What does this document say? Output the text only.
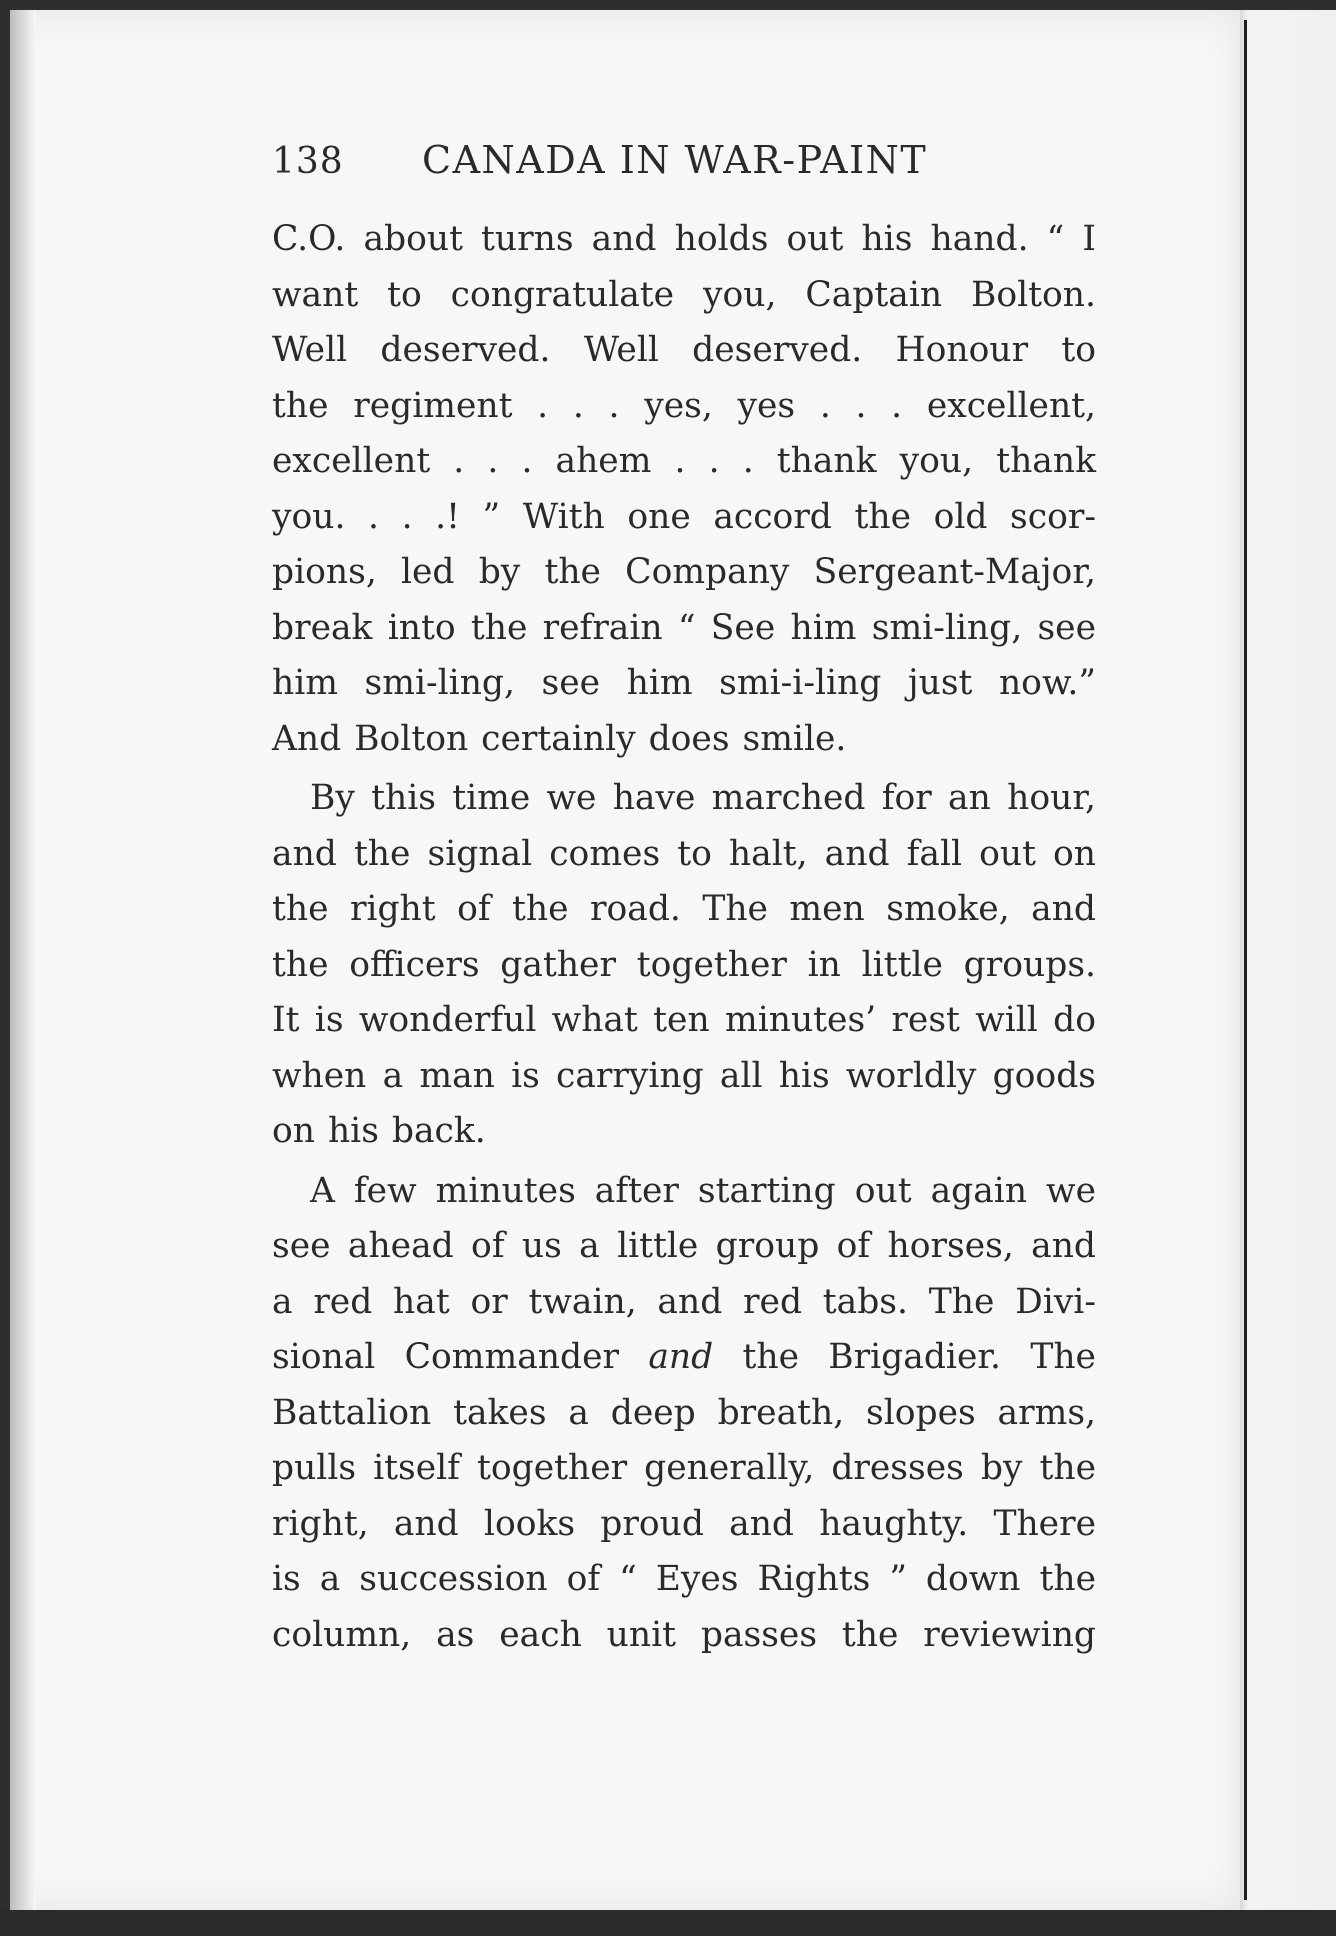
138	CANADA IN WAR-PAINT

C.O. about turns and holds out his hand. “ I
want to congratulate you, Captain Bolton.
Well deserved. Well deserved. Honour to
the regiment . . . yes, yes . . . excellent,
excellent . . . ahem . . . thank you, thank
you. . . .! ” With one accord the old scor-
pions, led by the Company Sergeant-Major,
break into the refrain “ See him smi-ling, see
him smi-ling, see him smi-i-ling just now.”
And Bolton certainly does smile.

By this time we have marched for an hour,
and the signal comes to halt, and fall out on
the right of the road. The men smoke, and
the officers gather together in little groups.
It is wonderful what ten minutes’ rest will do
when a man is carrying all his worldly goods
on his back.

A few minutes after starting out again we
see ahead of us a little group of horses, and
a red hat or twain, and red tabs. The Divi-
sional Commander and the Brigadier. The
Battalion takes a deep breath, slopes arms,
pulls itself together generally, dresses by the
right, and looks proud and haughty. There
is a succession of “ Eyes Rights ” down the
column, as each unit passes the reviewing
